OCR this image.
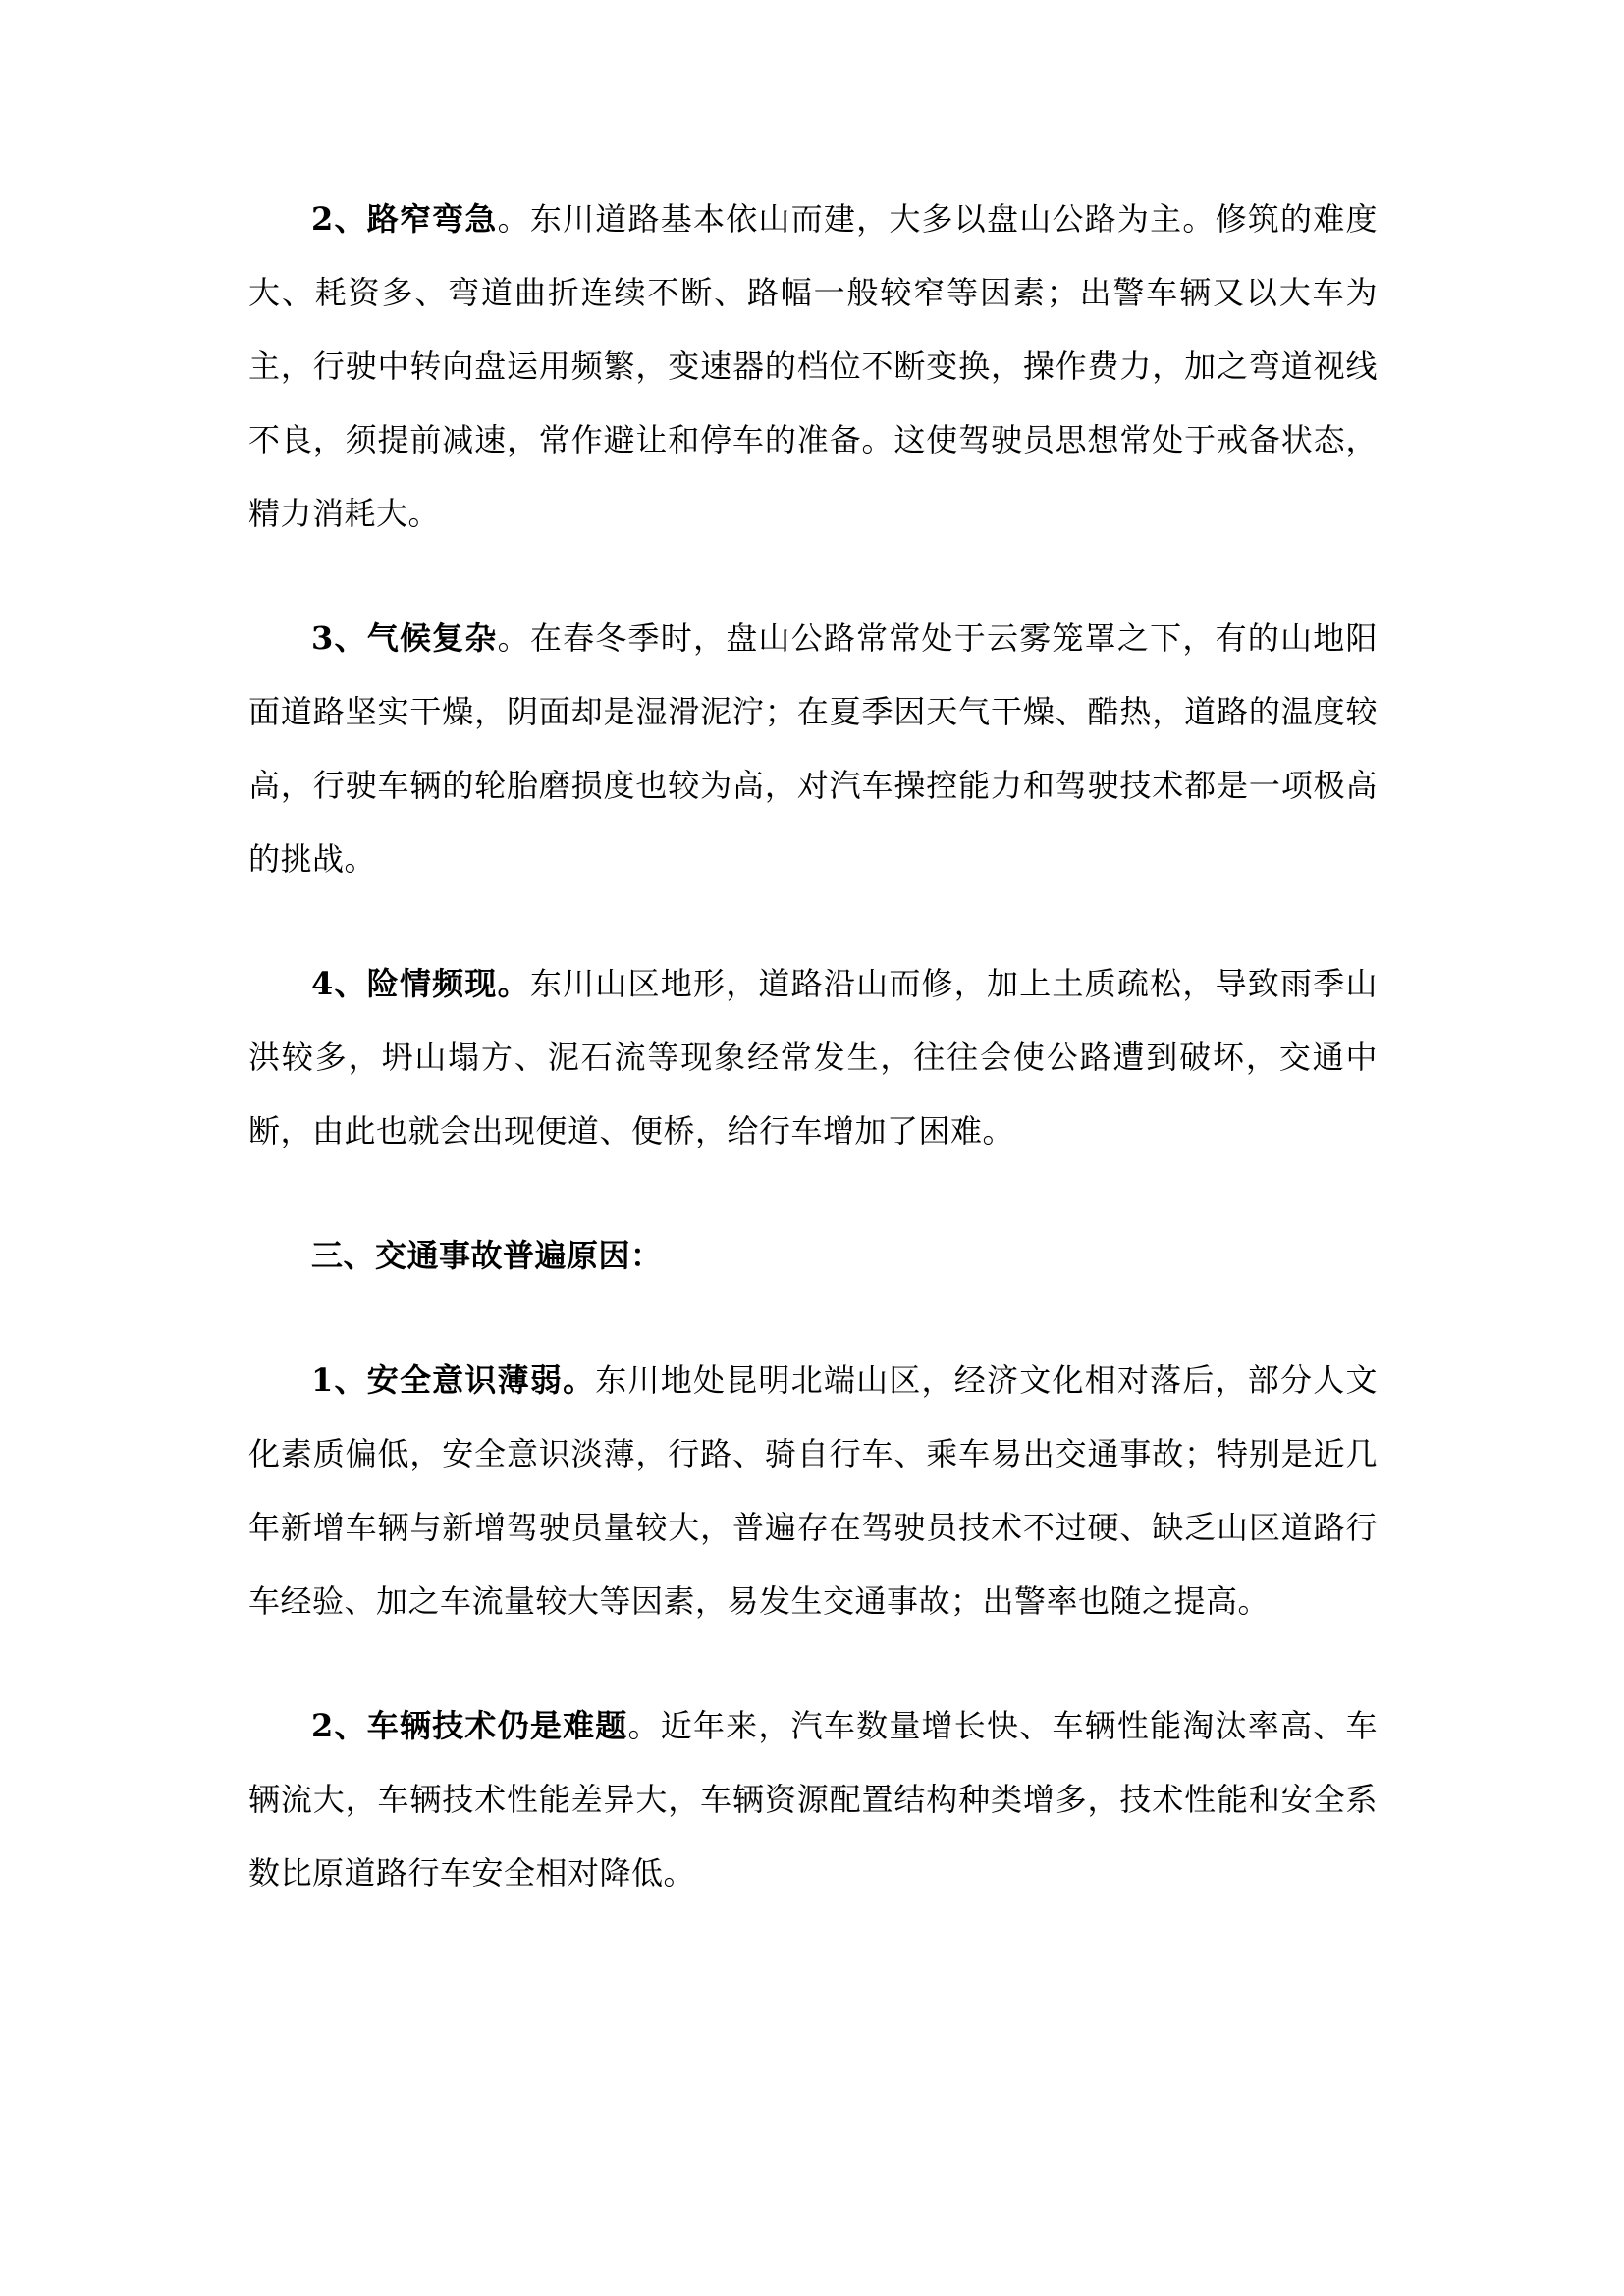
2、路窄弯急。东川道路基本依山而建，大多以盘山公路为主。修筑的难度大、耗资多、弯道曲折连续不断、路幅一般较窄等因素；出警车辆又以大车为主，行驶中转向盘运用频繁，变速器的档位不断变换，操作费力，加之弯道视线不良，须提前减速，常作避让和停车的准备。这使驾驶员思想常处于戒备状态，精力消耗大。

3、气候复杂。在春冬季时，盘山公路常常处于云雾笼罩之下，有的山地阳面道路坚实干燥，阴面却是湿滑泥泞；在夏季因天气干燥、酷热，道路的温度较高，行驶车辆的轮胎磨损度也较为高，对汽车操控能力和驾驶技术都是一项极高的挑战。

4、险情频现。东川山区地形，道路沿山而修，加上土质疏松，导致雨季山洪较多，坍山塌方、泥石流等现象经常发生，往往会使公路遭到破坏，交通中断，由此也就会出现便道、便桥，给行车增加了困难。

三、交通事故普遍原因：

1、安全意识薄弱。东川地处昆明北端山区，经济文化相对落后，部分人文化素质偏低，安全意识淡薄，行路、骑自行车、乘车易出交通事故；特别是近几年新增车辆与新增驾驶员量较大，普遍存在驾驶员技术不过硬、缺乏山区道路行车经验、加之车流量较大等因素，易发生交通事故；出警率也随之提高。

2、车辆技术仍是难题。近年来，汽车数量增长快、车辆性能淘汰率高、车辆流大，车辆技术性能差异大，车辆资源配置结构种类增多，技术性能和安全系数比原道路行车安全相对降低。
